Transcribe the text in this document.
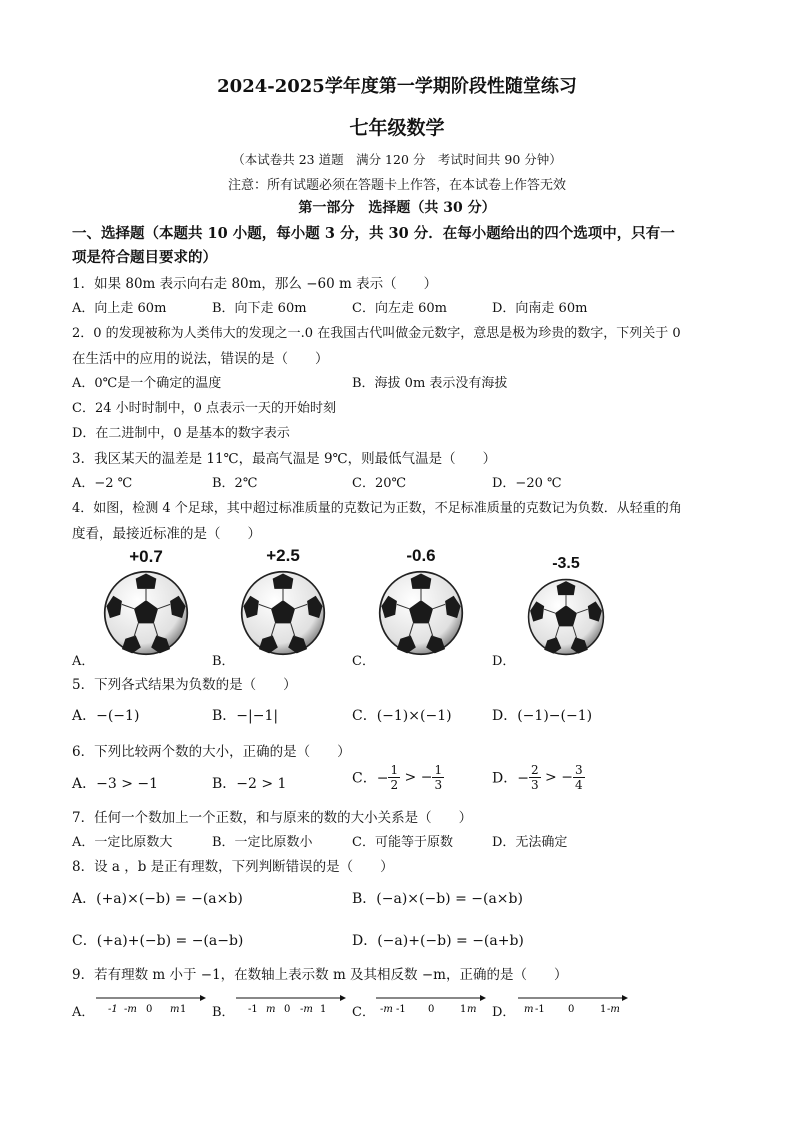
2024-2025学年度第一学期阶段性随堂练习
七年级数学
（本试卷共 23 道题　满分 120 分　考试时间共 90 分钟）
注意：所有试题必须在答题卡上作答，在本试卷上作答无效
第一部分　选择题（共 30 分）
一、选择题（本题共 10 小题，每小题 3 分，共 30 分．在每小题给出的四个选项中，只有一
项是符合题目要求的）
1．如果 80m 表示向右走 80m，那么 −60 m 表示（　　）
A．向上走 60m	B．向下走 60m	C．向左走 60m	D．向南走 60m
2．0 的发现被称为人类伟大的发现之一.0 在我国古代叫做金元数字，意思是极为珍贵的数字，下列关于 0
在生活中的应用的说法，错误的是（　　）
A．0℃是一个确定的温度	B．海拔 0m 表示没有海拔
C．24 小时时制中，0 点表示一天的开始时刻
D．在二进制中，0 是基本的数字表示
3．我区某天的温差是 11℃，最高气温是 9℃，则最低气温是（　　）
A．−2 ℃	B．2℃	C．20℃	D．−20 ℃
4．如图，检测 4 个足球，其中超过标准质量的克数记为正数，不足标准质量的克数记为负数．从轻重的角
度看，最接近标准的是（　　）
+0.7	+2.5	-0.6	-3.5
A．	B．	C．	D．
5．下列各式结果为负数的是（　　）
A．−(−1)	B．−|−1|	C．(−1)×(−1)	D．(−1)−(−1)
6．下列比较两个数的大小，正确的是（　　）
A．−3 > −1	B．−2 > 1	C．− $\frac{1}{2}$ > − $\frac{1}{3}$	D．− $\frac{2}{3}$ > − $\frac{3}{4}$
7．任何一个数加上一个正数，和与原来的数的大小关系是（　　）
A．一定比原数大	B．一定比原数小	C．可能等于原数	D．无法确定
8．设 a ，b 是正有理数，下列判断错误的是（　　）
A．(+a)×(−b) = −(a×b)	B．(−a)×(−b) = −(a×b)
C．(+a)+(−b) = −(a−b)	D．(−a)+(−b) = −(a+b)
9．若有理数 m 小于 −1，在数轴上表示数 m 及其相反数 −m，正确的是（　　）
A．	B．	C．	D．
-1 -m 0 m 1	-1 m 0 -m 1	-m -1 0	1 m	m -1 0	1 -m
